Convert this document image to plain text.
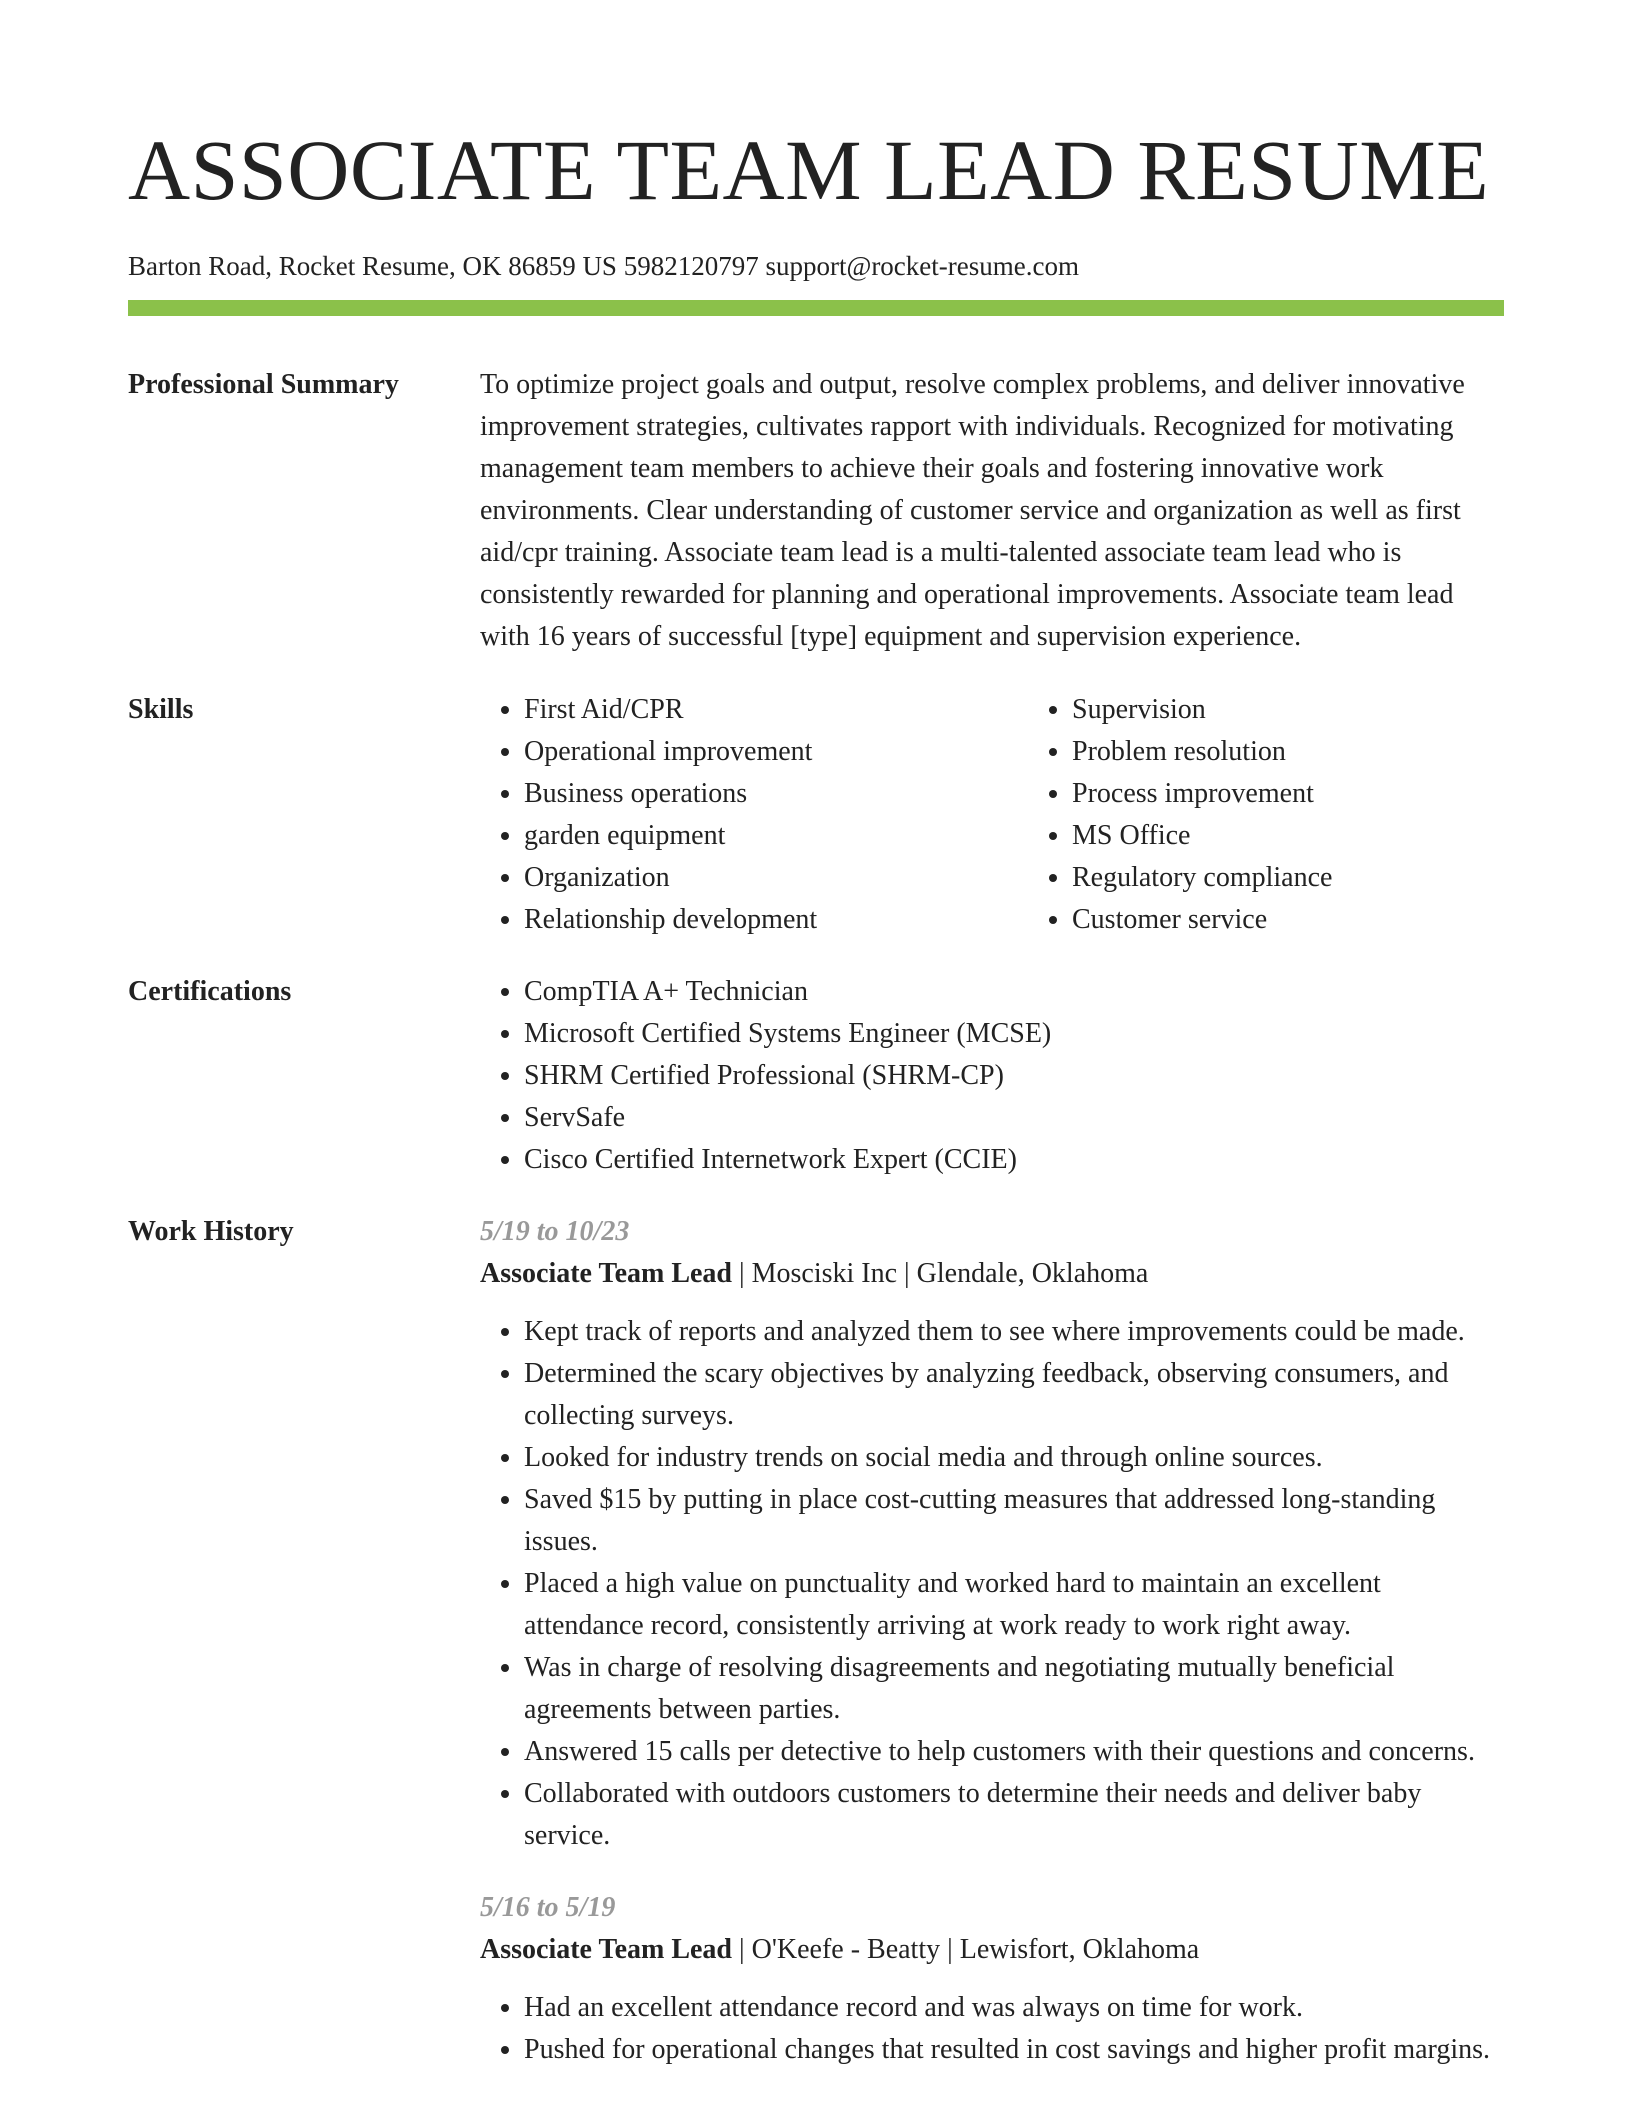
ASSOCIATE TEAM LEAD RESUME
Barton Road, Rocket Resume, OK 86859 US 5982120797 support@rocket-resume.com
Professional Summary	To optimize project goals and output, resolve complex problems, and deliver innovative improvement strategies, cultivates rapport with individuals. Recognized for motivating management team members to achieve their goals and fostering innovative work environments. Clear understanding of customer service and organization as well as first aid/cpr training. Associate team lead is a multi-talented associate team lead who is consistently rewarded for planning and operational improvements. Associate team lead with 16 years of successful [type] equipment and supervision experience.

Skills	• First Aid/CPR
• Operational improvement
• Business operations
• garden equipment
• Organization
• Relationship development
• Supervision
• Problem resolution
• Process improvement
• MS Office
• Regulatory compliance
• Customer service
Certifications	• CompTIA A+ Technician
• Microsoft Certified Systems Engineer (MCSE)
• SHRM Certified Professional (SHRM-CP)
• ServSafe
• Cisco Certified Internetwork Expert (CCIE)
Work History	5/19 to 10/23
Associate Team Lead | Mosciski Inc | Glendale, Oklahoma
• Kept track of reports and analyzed them to see where improvements could be made.
• Determined the scary objectives by analyzing feedback, observing consumers, and collecting surveys.
• Looked for industry trends on social media and through online sources.
• Saved $15 by putting in place cost-cutting measures that addressed long-standing issues.
• Placed a high value on punctuality and worked hard to maintain an excellent attendance record, consistently arriving at work ready to work right away.
• Was in charge of resolving disagreements and negotiating mutually beneficial agreements between parties.
• Answered 15 calls per detective to help customers with their questions and concerns.
• Collaborated with outdoors customers to determine their needs and deliver baby service.
5/16 to 5/19
Associate Team Lead | O'Keefe - Beatty | Lewisfort, Oklahoma
• Had an excellent attendance record and was always on time for work.
• Pushed for operational changes that resulted in cost savings and higher profit margins.
